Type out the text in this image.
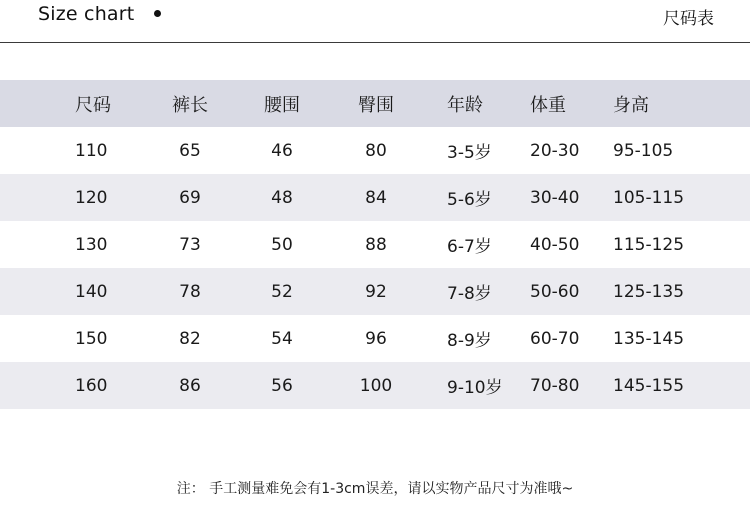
Size chart	尺码表
尺码	裤长	腰围	臀围	年龄	体重	身高
110	65	46	80	3-5岁 20-30 95-105
120	69	48	84	5-6岁 30-40 105-115
130	73	50	88	6-7岁 40-50 115-125
140	78	52	92	7-8岁 50-60 125-135
150	82	54	96	8-9岁 60-70 135-145
160	86	56	100	9-10岁 70-80 145-155
注： 手工测量难免会有1-3cm误差，请以实物产品尺寸为准哦~
